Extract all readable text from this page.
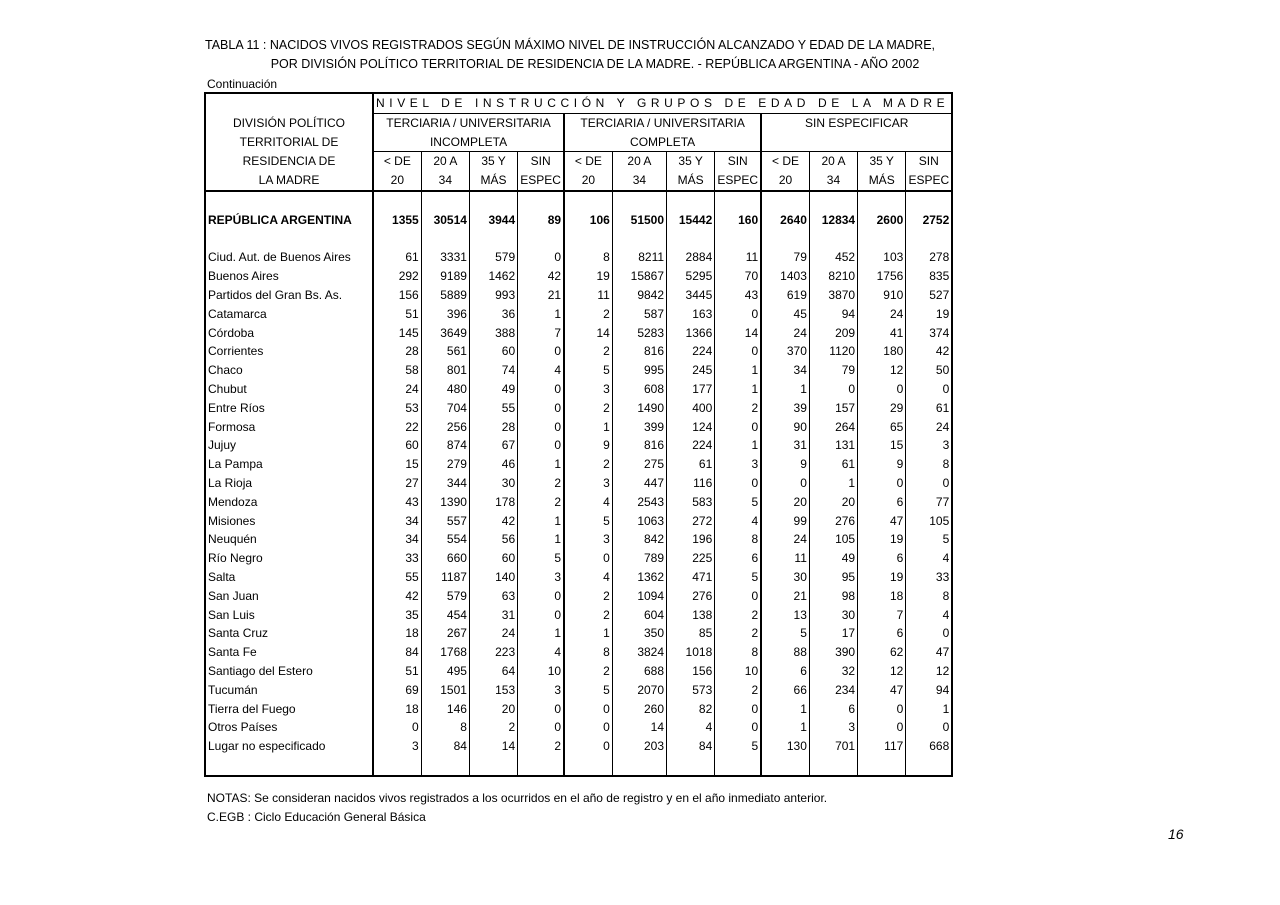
TABLA 11 : NACIDOS VIVOS REGISTRADOS SEGÚN MÁXIMO NIVEL DE INSTRUCCIÓN ALCANZADO Y EDAD DE LA MADRE,
POR DIVISIÓN POLÍTICO TERRITORIAL DE RESIDENCIA DE LA MADRE. - REPÚBLICA ARGENTINA - AÑO 2002
Continuación
	NIVEL DE INSTRUCCIÓN Y GRUPOS DE EDAD DE LA MADRE											
DIVISIÓN POLÍTICO	TERCIARIA / UNIVERSITARIA				TERCIARIA / UNIVERSITARIA				SIN ESPECIFICAR			
TERRITORIAL DE	INCOMPLETA				COMPLETA							
RESIDENCIA DE	< DE	20 A	35 Y	SIN	< DE	20 A	35 Y	SIN	< DE	20 A	35 Y	SIN
LA MADRE	20	34	MÁS	ESPEC	20	34	MÁS	ESPEC	20	34	MÁS	ESPEC

REPÚBLICA ARGENTINA	1355	30514	3944	89	106	51500	15442	160	2640	12834	2600	2752

Ciud. Aut. de Buenos Aires	61	3331	579	0	8	8211	2884	11	79	452	103	278
Buenos Aires	292	9189	1462	42	19	15867	5295	70	1403	8210	1756	835
Partidos del Gran Bs. As.	156	5889	993	21	11	9842	3445	43	619	3870	910	527
Catamarca	51	396	36	1	2	587	163	0	45	94	24	19
Córdoba	145	3649	388	7	14	5283	1366	14	24	209	41	374
Corrientes	28	561	60	0	2	816	224	0	370	1120	180	42
Chaco	58	801	74	4	5	995	245	1	34	79	12	50
Chubut	24	480	49	0	3	608	177	1	1	0	0	0
Entre Ríos	53	704	55	0	2	1490	400	2	39	157	29	61
Formosa	22	256	28	0	1	399	124	0	90	264	65	24
Jujuy	60	874	67	0	9	816	224	1	31	131	15	3
La Pampa	15	279	46	1	2	275	61	3	9	61	9	8
La Rioja	27	344	30	2	3	447	116	0	0	1	0	0
Mendoza	43	1390	178	2	4	2543	583	5	20	20	6	77
Misiones	34	557	42	1	5	1063	272	4	99	276	47	105
Neuquén	34	554	56	1	3	842	196	8	24	105	19	5
Río Negro	33	660	60	5	0	789	225	6	11	49	6	4
Salta	55	1187	140	3	4	1362	471	5	30	95	19	33
San Juan	42	579	63	0	2	1094	276	0	21	98	18	8
San Luis	35	454	31	0	2	604	138	2	13	30	7	4
Santa Cruz	18	267	24	1	1	350	85	2	5	17	6	0
Santa Fe	84	1768	223	4	8	3824	1018	8	88	390	62	47
Santiago del Estero	51	495	64	10	2	688	156	10	6	32	12	12
Tucumán	69	1501	153	3	5	2070	573	2	66	234	47	94
Tierra del Fuego	18	146	20	0	0	260	82	0	1	6	0	1
Otros Países	0	8	2	0	0	14	4	0	1	3	0	0
Lugar no especificado	3	84	14	2	0	203	84	5	130	701	117	668

NOTAS: Se consideran nacidos vivos registrados a los ocurridos en el año de registro y en el año inmediato anterior.
C.EGB : Ciclo Educación General Básica
16
